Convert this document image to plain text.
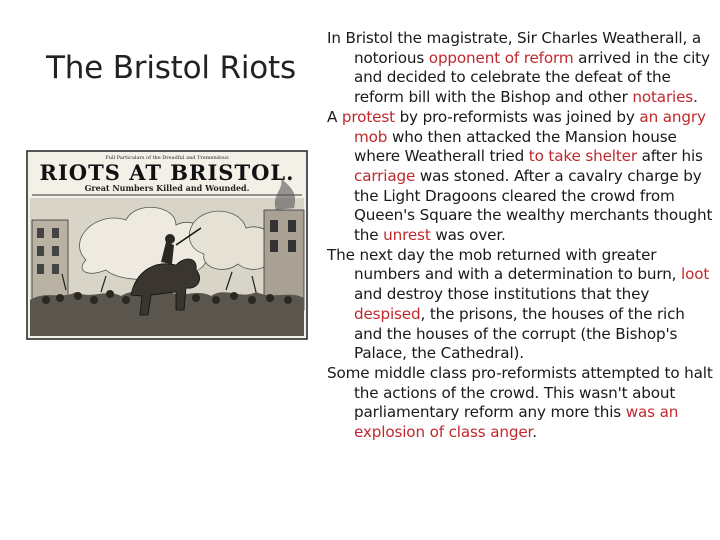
The Bristol Riots
Full Particulars of the Dreadful and Tremendous
RIOTS AT BRISTOL.
Great Numbers Killed and Wounded.

In Bristol the magistrate, Sir Charles Weatherall, a notorious opponent of reform arrived in the city and decided to celebrate the defeat of the reform bill with the Bishop and other notaries.

A protest by pro-reformists was joined by an angry mob who then attacked the Mansion house where Weatherall tried to take shelter after his carriage was stoned. After a cavalry charge by the Light Dragoons cleared the crowd from Queen's Square the wealthy merchants thought the unrest was over.

The next day the mob returned with greater numbers and with a determination to burn, loot and destroy those institutions that they despised, the prisons, the houses of the rich and the houses of the corrupt (the Bishop's Palace, the Cathedral).

Some middle class pro-reformists attempted to halt the actions of the crowd. This wasn't about parliamentary reform any more this was an explosion of class anger.
